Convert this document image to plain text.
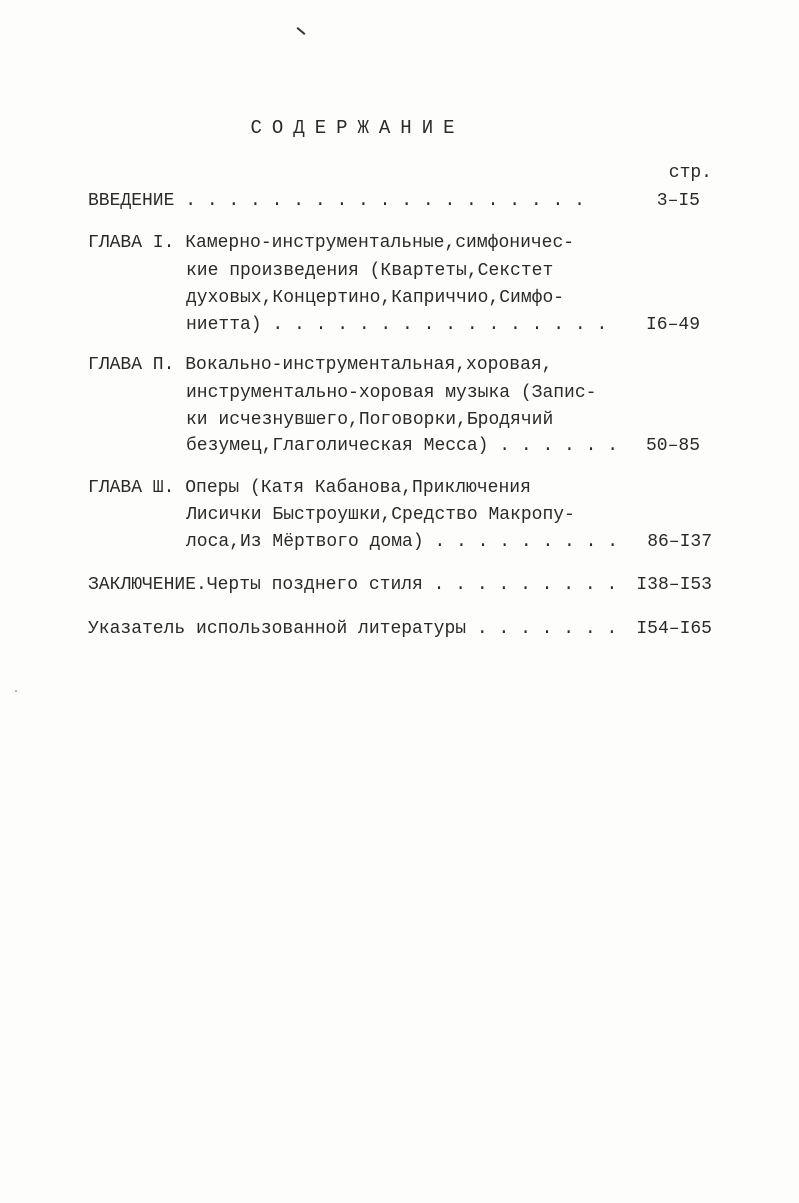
СОДЕРЖАНИЕ
стр.
ВВЕДЕНИЕ . . . . . . . . . . . . . . . . . . .	3–I5
ГЛАВА I. Камерно-инструментальные,симфоничес-
кие произведения (Квартеты,Секстет
духовых,Концертино,Каприччио,Симфо-
ниетта) . . . . . . . . . . . . . . . .	I6–49
ГЛАВА П. Вокально-инструментальная,хоровая,
инструментально-хоровая музыка (Запис-
ки исчезнувшего,Поговорки,Бродячий
безумец,Глаголическая Месса) . . . . . .	50–85
ГЛАВА Ш. Оперы (Катя Кабанова,Приключения
Лисички Быстроушки,Средство Макропу-
лоса,Из Мёртвого дома) . . . . . . . . .	86–I37
ЗАКЛЮЧЕНИЕ.Черты позднего стиля . . . . . . . . .	I38–I53
Указатель использованной литературы . . . . . . .	I54–I65
